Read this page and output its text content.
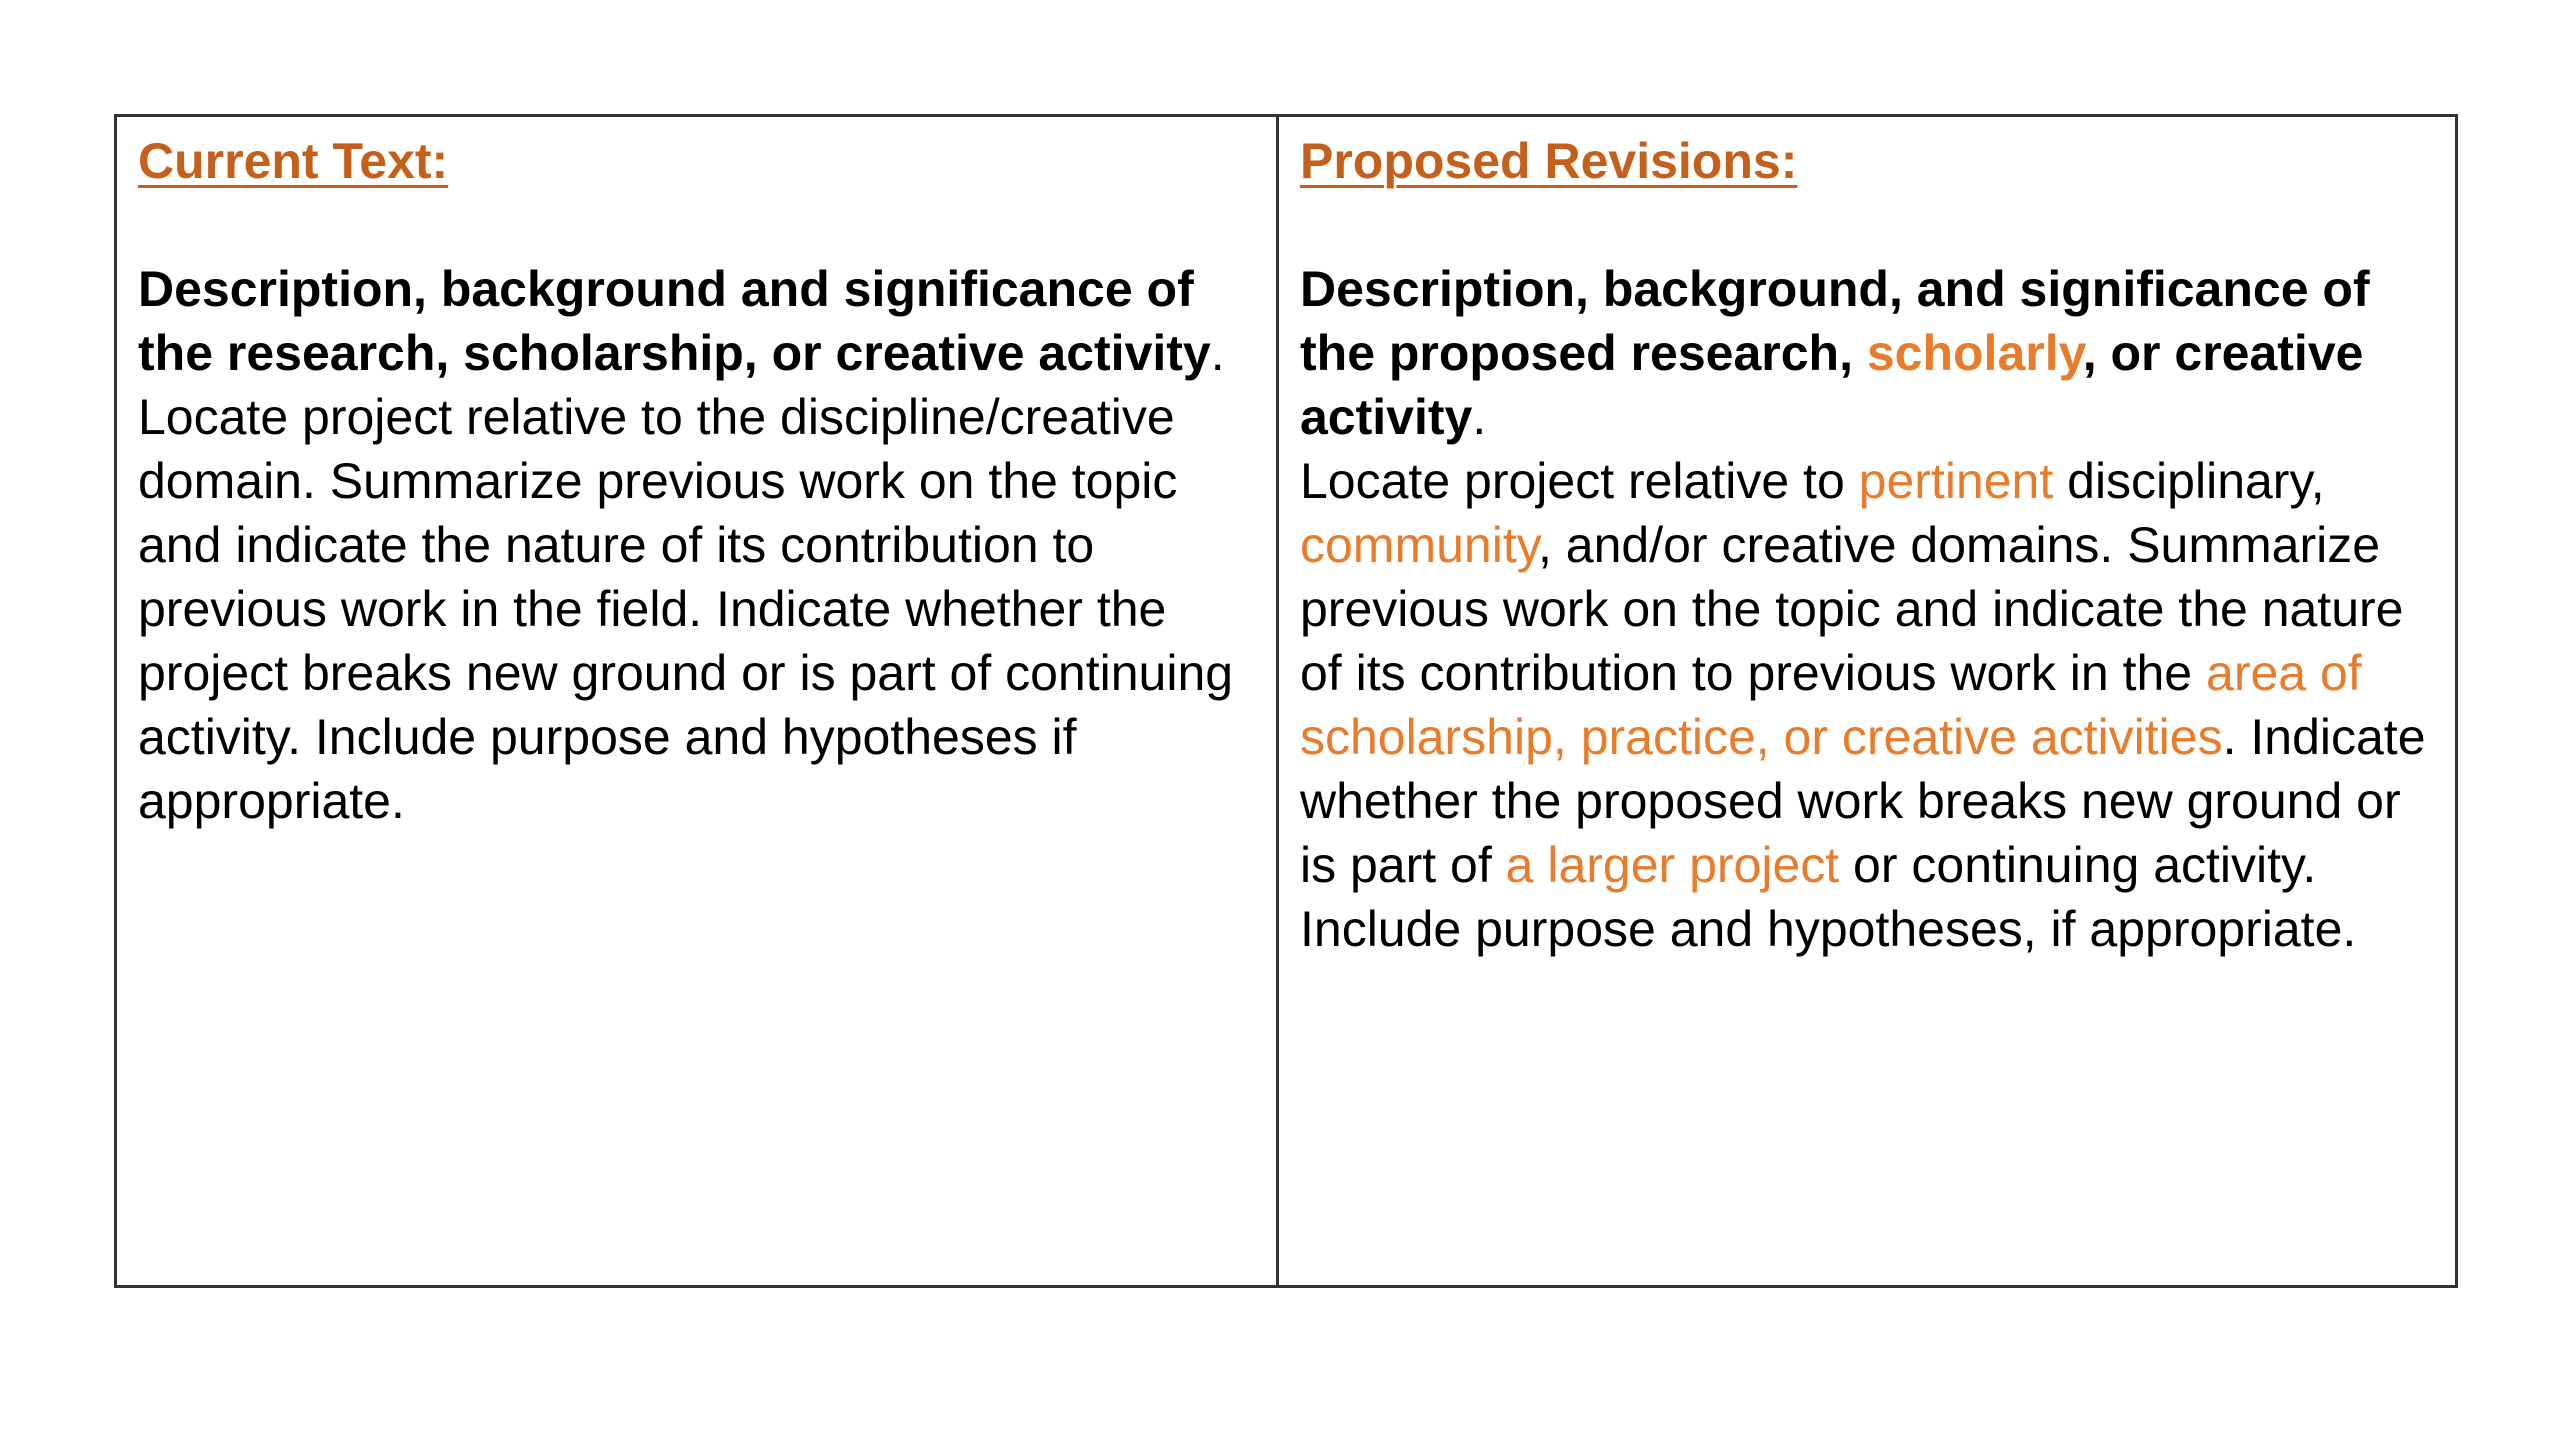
Current Text:

Description, background and significance of the research, scholarship, or creative activity.

Locate project relative to the discipline/creative domain. Summarize previous work on the topic and indicate the nature of its contribution to previous work in the field. Indicate whether the project breaks new ground or is part of continuing activity. Include purpose and hypotheses if appropriate.

Proposed Revisions:

Description, background, and significance of the proposed research, scholarly, or creative activity.

Locate project relative to pertinent disciplinary, community, and/or creative domains. Summarize previous work on the topic and indicate the nature of its contribution to previous work in the area of scholarship, practice, or creative activities. Indicate whether the proposed work breaks new ground or is part of a larger project or continuing activity. Include purpose and hypotheses, if appropriate.
